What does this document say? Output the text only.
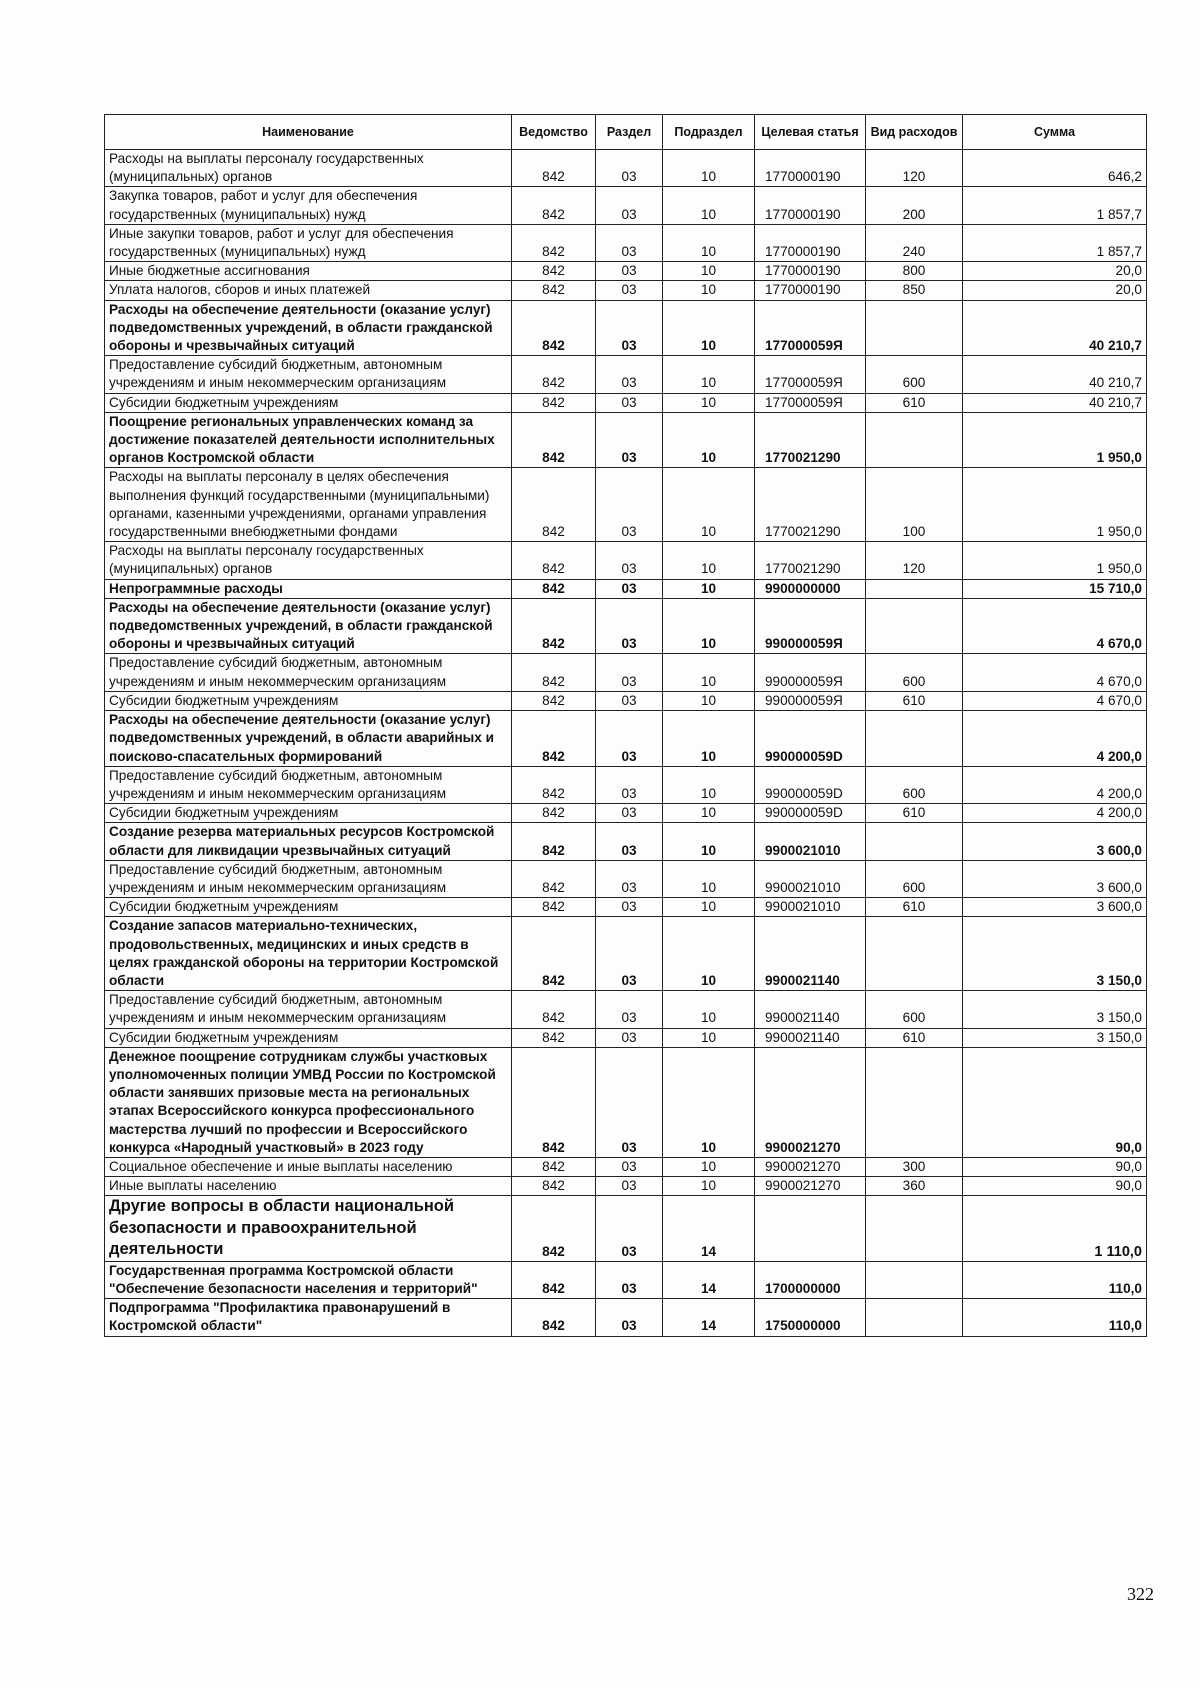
Наименование	Ведомство	Раздел	Подраздел	Целевая статья	Вид расходов	Сумма
Расходы на выплаты персоналу государственных (муниципальных) органов	842	03	10	1770000190	120	646,2
Закупка товаров, работ и услуг для обеспечения государственных (муниципальных) нужд	842	03	10	1770000190	200	1 857,7
Иные закупки товаров, работ и услуг для обеспечения государственных (муниципальных) нужд	842	03	10	1770000190	240	1 857,7
Иные бюджетные ассигнования	842	03	10	1770000190	800	20,0
Уплата налогов, сборов и иных платежей	842	03	10	1770000190	850	20,0
Расходы на обеспечение деятельности (оказание услуг) подведомственных учреждений, в области гражданской обороны и чрезвычайных ситуаций	842	03	10	177000059Я		40 210,7
Предоставление субсидий бюджетным, автономным учреждениям и иным некоммерческим организациям	842	03	10	177000059Я	600	40 210,7
Субсидии бюджетным учреждениям	842	03	10	177000059Я	610	40 210,7
Поощрение региональных управленческих команд за достижение показателей деятельности исполнительных органов Костромской области	842	03	10	1770021290		1 950,0
Расходы на выплаты персоналу в целях обеспечения выполнения функций государственными (муниципальными) органами, казенными учреждениями, органами управления государственными внебюджетными фондами	842	03	10	1770021290	100	1 950,0
Расходы на выплаты персоналу государственных (муниципальных) органов	842	03	10	1770021290	120	1 950,0
Непрограммные расходы	842	03	10	9900000000		15 710,0
Расходы на обеспечение деятельности (оказание услуг) подведомственных учреждений, в области гражданской обороны и чрезвычайных ситуаций	842	03	10	990000059Я		4 670,0
Предоставление субсидий бюджетным, автономным учреждениям и иным некоммерческим организациям	842	03	10	990000059Я	600	4 670,0
Субсидии бюджетным учреждениям	842	03	10	990000059Я	610	4 670,0
Расходы на обеспечение деятельности (оказание услуг) подведомственных учреждений, в области аварийных и поисково-спасательных формирований	842	03	10	990000059D		4 200,0
Предоставление субсидий бюджетным, автономным учреждениям и иным некоммерческим организациям	842	03	10	990000059D	600	4 200,0
Субсидии бюджетным учреждениям	842	03	10	990000059D	610	4 200,0
Создание резерва материальных ресурсов Костромской области для ликвидации чрезвычайных ситуаций	842	03	10	9900021010		3 600,0
Предоставление субсидий бюджетным, автономным учреждениям и иным некоммерческим организациям	842	03	10	9900021010	600	3 600,0
Субсидии бюджетным учреждениям	842	03	10	9900021010	610	3 600,0
Создание запасов материально-технических, продовольственных, медицинских и иных средств в целях гражданской обороны на территории Костромской области	842	03	10	9900021140		3 150,0
Предоставление субсидий бюджетным, автономным учреждениям и иным некоммерческим организациям	842	03	10	9900021140	600	3 150,0
Субсидии бюджетным учреждениям	842	03	10	9900021140	610	3 150,0
Денежное поощрение сотрудникам службы участковых уполномоченных полиции УМВД России по Костромской области занявших призовые места на региональных этапах Всероссийского конкурса профессионального мастерства лучший по профессии и Всероссийского конкурса «Народный участковый» в 2023 году	842	03	10	9900021270		90,0
Социальное обеспечение и иные выплаты населению	842	03	10	9900021270	300	90,0
Иные выплаты населению	842	03	10	9900021270	360	90,0
Другие вопросы в области национальной безопасности и правоохранительной деятельности	842	03	14			1 110,0
Государственная программа Костромской области "Обеспечение безопасности населения и территорий"	842	03	14	1700000000		110,0
Подпрограмма "Профилактика правонарушений в Костромской области"	842	03	14	1750000000		110,0
322
